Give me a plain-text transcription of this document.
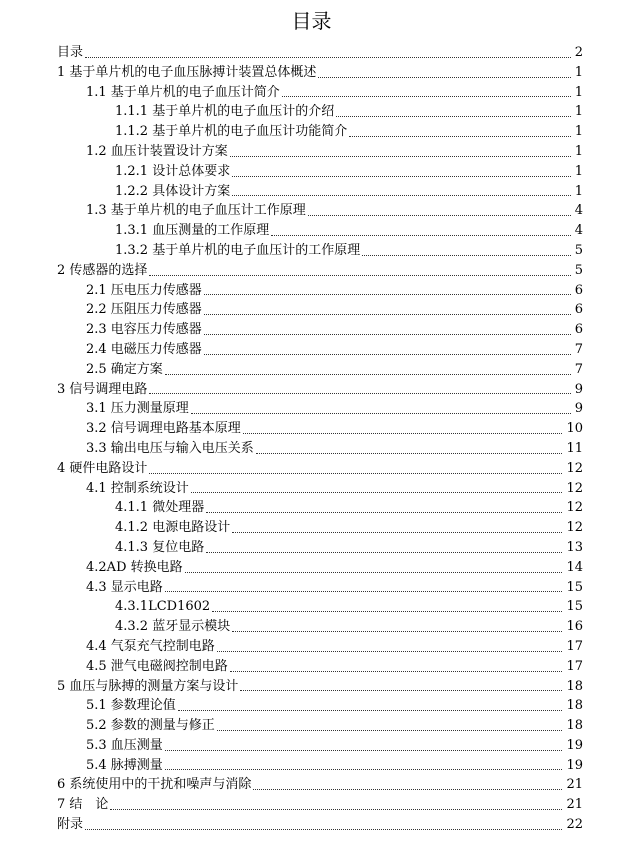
目录
目录	2
1 基于单片机的电子血压脉搏计装置总体概述	1
1.1 基于单片机的电子血压计简介	1
1.1.1 基于单片机的电子血压计的介绍	1
1.1.2 基于单片机的电子血压计功能简介	1
1.2 血压计装置设计方案	1
1.2.1 设计总体要求	1
1.2.2 具体设计方案	1
1.3 基于单片机的电子血压计工作原理	4
1.3.1 血压测量的工作原理	4
1.3.2 基于单片机的电子血压计的工作原理	5
2 传感器的选择	5
2.1 压电压力传感器	6
2.2 压阻压力传感器	6
2.3 电容压力传感器	6
2.4 电磁压力传感器	7
2.5 确定方案	7
3 信号调理电路	9
3.1 压力测量原理	9
3.2 信号调理电路基本原理	10
3.3 输出电压与输入电压关系	11
4 硬件电路设计	12
4.1 控制系统设计	12
4.1.1 微处理器	12
4.1.2 电源电路设计	12
4.1.3 复位电路	13
4.2AD 转换电路	14
4.3 显示电路	15
4.3.1LCD1602	15
4.3.2 蓝牙显示模块	16
4.4 气泵充气控制电路	17
4.5 泄气电磁阀控制电路	17
5 血压与脉搏的测量方案与设计	18
5.1 参数理论值	18
5.2 参数的测量与修正	18
5.3 血压测量	19
5.4 脉搏测量	19
6 系统使用中的干扰和噪声与消除	21
7 结　论	21
附录	22
